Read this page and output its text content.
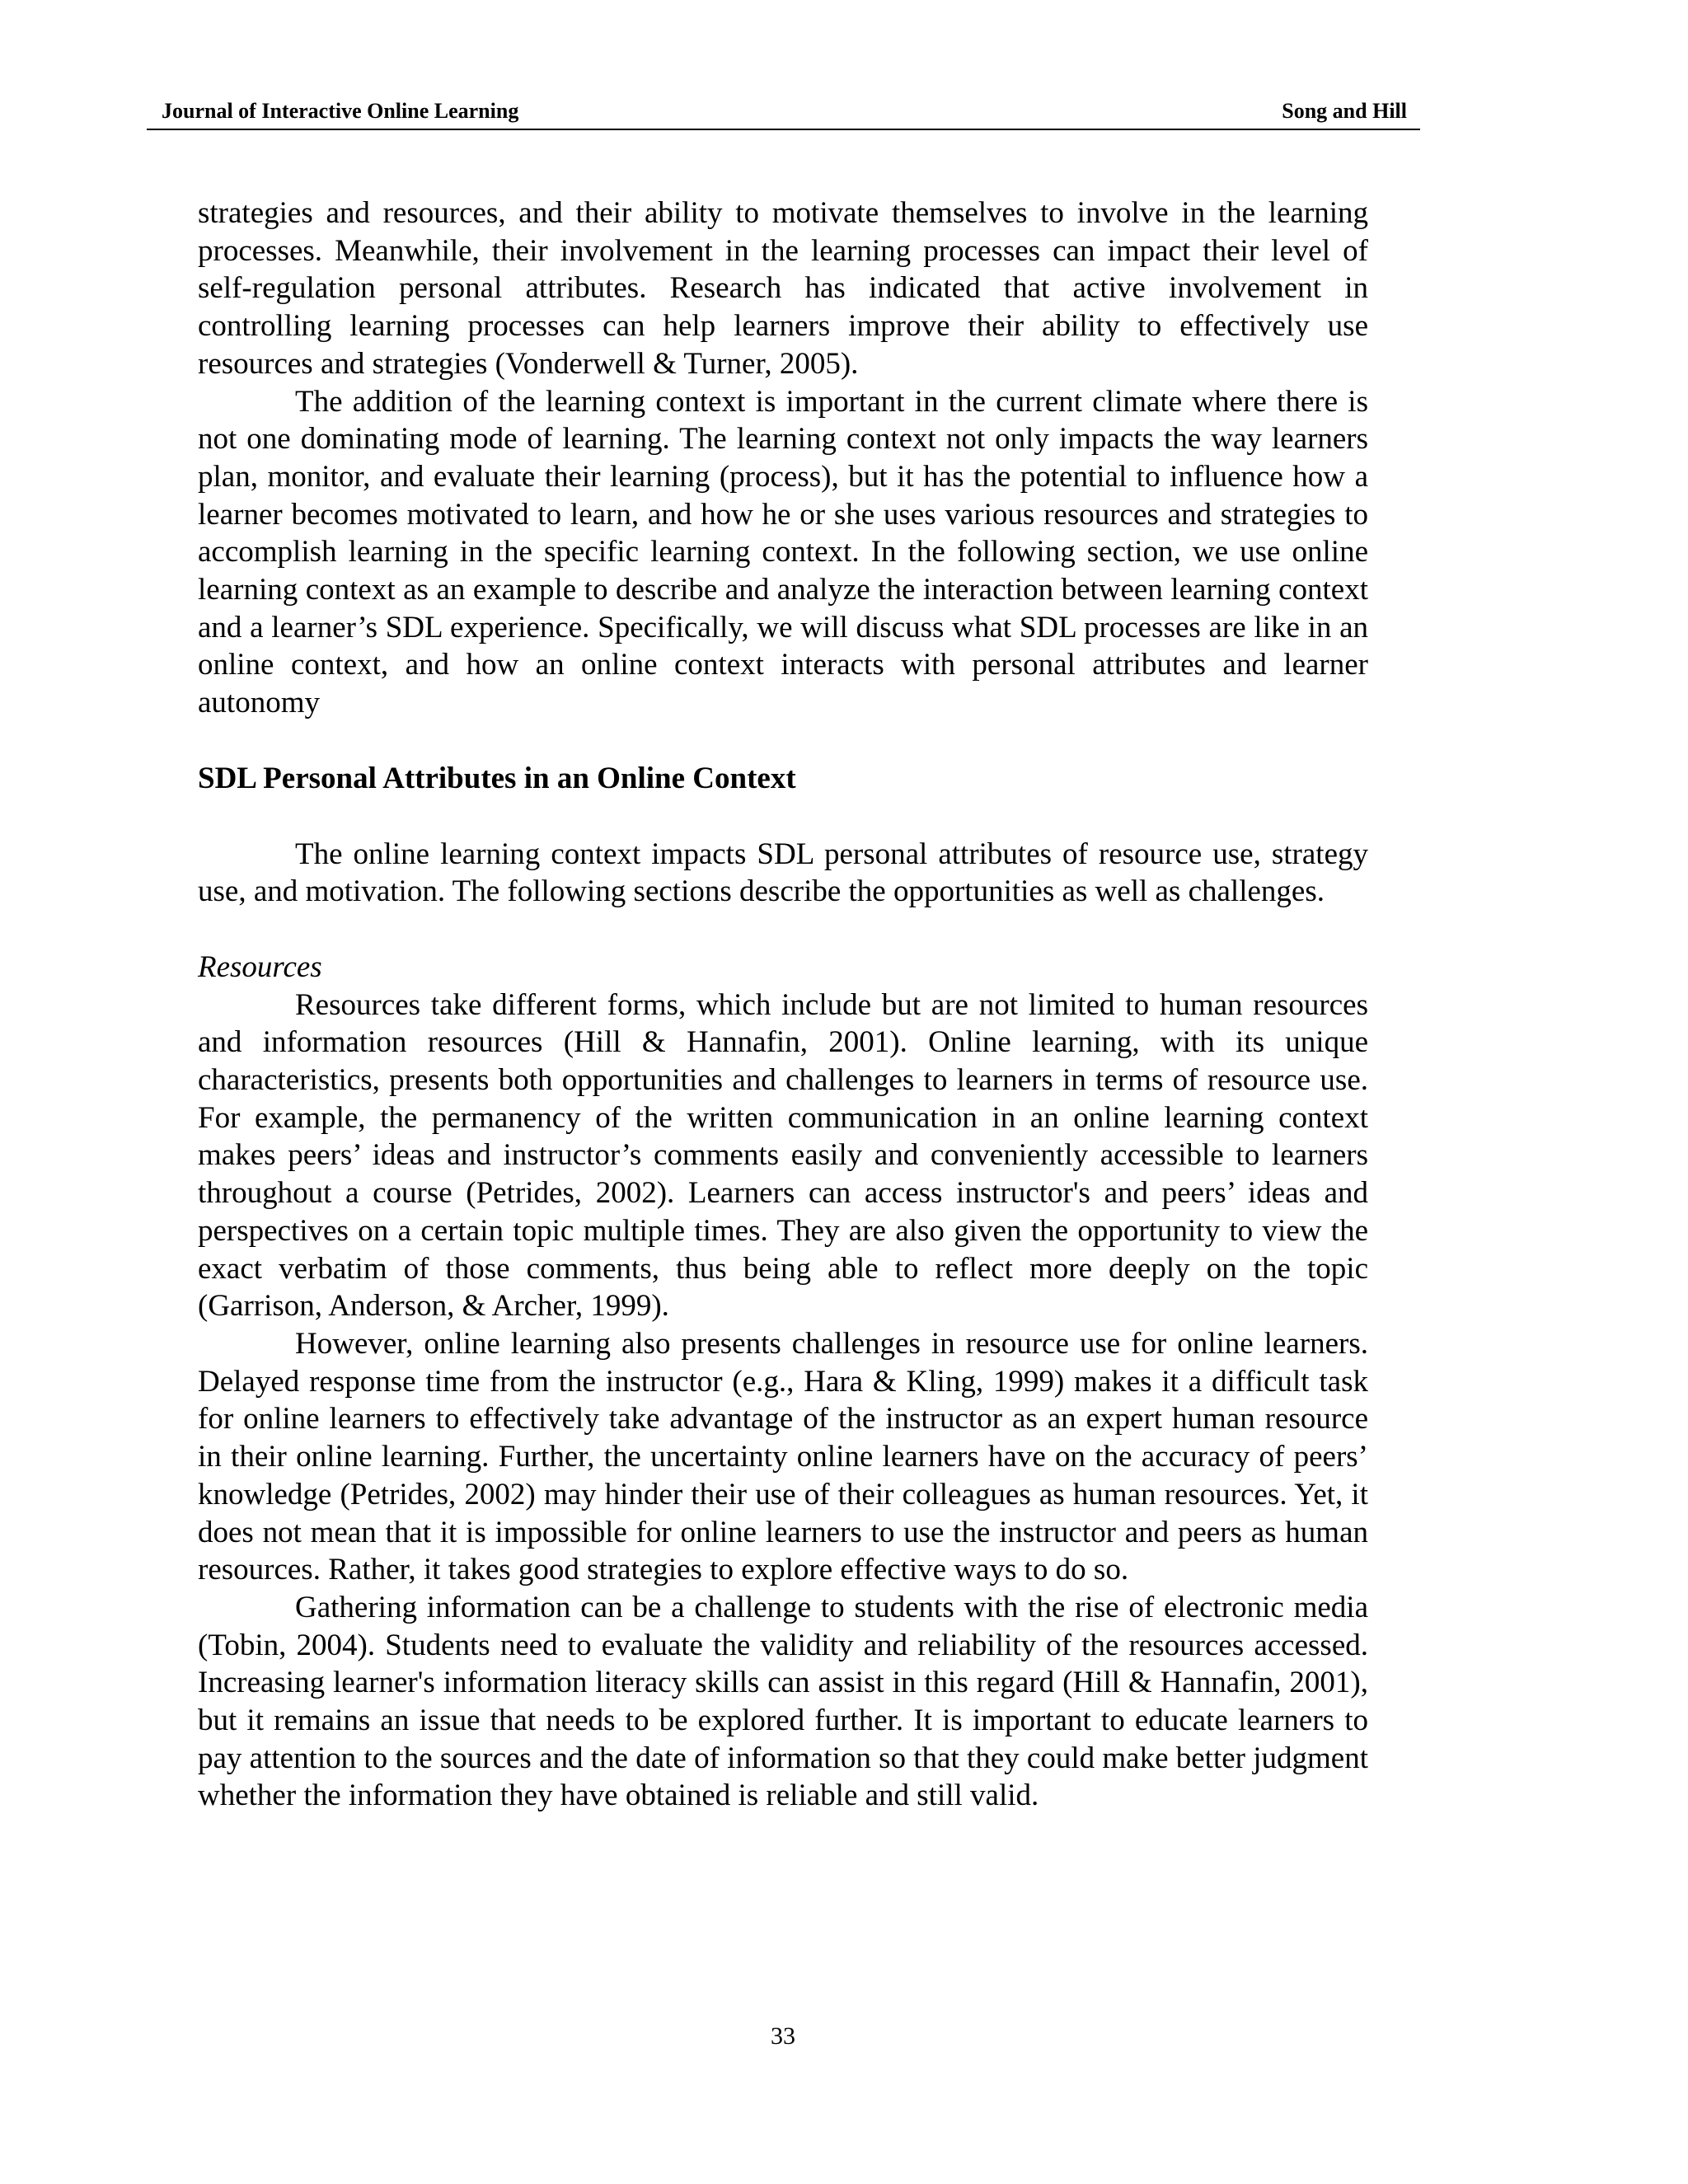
Journal of Interactive Online Learning	Song and Hill

strategies and resources, and their ability to motivate themselves to involve in the learning processes. Meanwhile, their involvement in the learning processes can impact their level of self-regulation personal attributes. Research has indicated that active involvement in controlling learning processes can help learners improve their ability to effectively use resources and strategies (Vonderwell & Turner, 2005).

The addition of the learning context is important in the current climate where there is not one dominating mode of learning. The learning context not only impacts the way learners plan, monitor, and evaluate their learning (process), but it has the potential to influence how a learner becomes motivated to learn, and how he or she uses various resources and strategies to accomplish learning in the specific learning context. In the following section, we use online learning context as an example to describe and analyze the interaction between learning context and a learner’s SDL experience. Specifically, we will discuss what SDL processes are like in an online context, and how an online context interacts with personal attributes and learner autonomy

SDL Personal Attributes in an Online Context

The online learning context impacts SDL personal attributes of resource use, strategy use, and motivation. The following sections describe the opportunities as well as challenges.

Resources

Resources take different forms, which include but are not limited to human resources and information resources (Hill & Hannafin, 2001). Online learning, with its unique characteristics, presents both opportunities and challenges to learners in terms of resource use. For example, the permanency of the written communication in an online learning context makes peers’ ideas and instructor’s comments easily and conveniently accessible to learners throughout a course (Petrides, 2002). Learners can access instructor's and peers’ ideas and perspectives on a certain topic multiple times. They are also given the opportunity to view the exact verbatim of those comments, thus being able to reflect more deeply on the topic (Garrison, Anderson, & Archer, 1999).

However, online learning also presents challenges in resource use for online learners. Delayed response time from the instructor (e.g., Hara & Kling, 1999) makes it a difficult task for online learners to effectively take advantage of the instructor as an expert human resource in their online learning. Further, the uncertainty online learners have on the accuracy of peers’ knowledge (Petrides, 2002) may hinder their use of their colleagues as human resources. Yet, it does not mean that it is impossible for online learners to use the instructor and peers as human resources. Rather, it takes good strategies to explore effective ways to do so.

Gathering information can be a challenge to students with the rise of electronic media (Tobin, 2004). Students need to evaluate the validity and reliability of the resources accessed. Increasing learner's information literacy skills can assist in this regard (Hill & Hannafin, 2001), but it remains an issue that needs to be explored further. It is important to educate learners to pay attention to the sources and the date of information so that they could make better judgment whether the information they have obtained is reliable and still valid.

33
